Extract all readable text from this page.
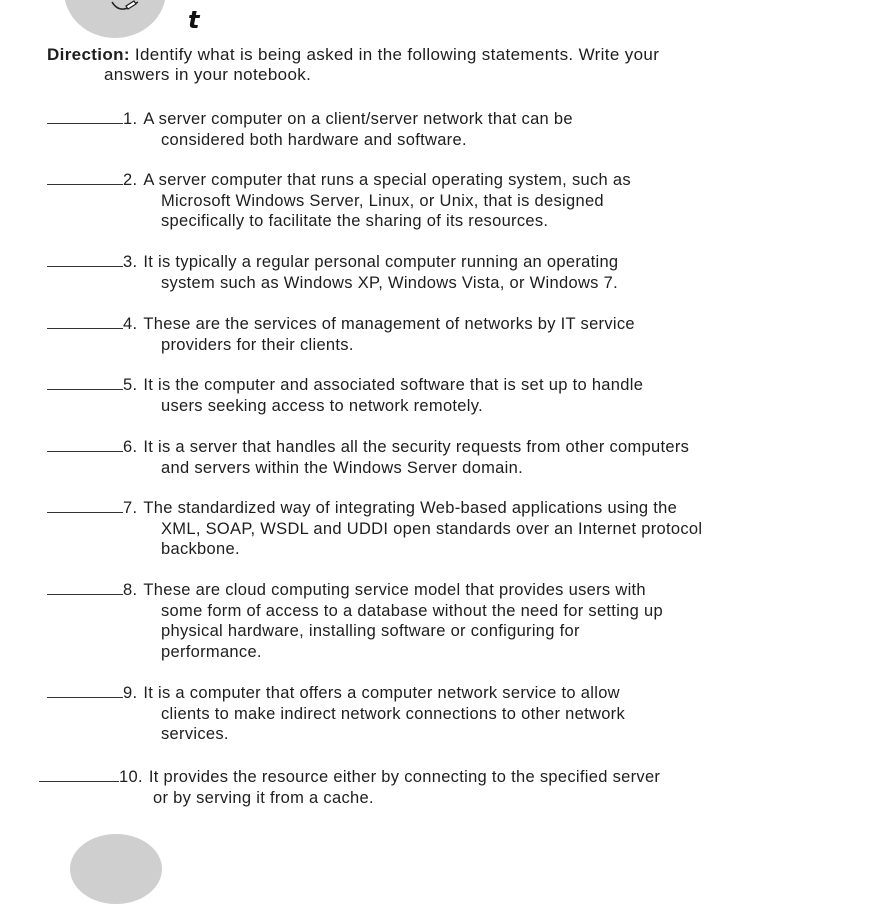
t
Direction: Identify what is being asked in the following statements. Write your
answers in your notebook.
1. A server computer on a client/server network that can be
considered both hardware and software.
2. A server computer that runs a special operating system, such as
Microsoft Windows Server, Linux, or Unix, that is designed
specifically to facilitate the sharing of its resources.
3. It is typically a regular personal computer running an operating
system such as Windows XP, Windows Vista, or Windows 7.
4. These are the services of management of networks by IT service
providers for their clients.
5. It is the computer and associated software that is set up to handle
users seeking access to network remotely.
6. It is a server that handles all the security requests from other computers
and servers within the Windows Server domain.
7. The standardized way of integrating Web-based applications using the
XML, SOAP, WSDL and UDDI open standards over an Internet protocol
backbone.
8. These are cloud computing service model that provides users with
some form of access to a database without the need for setting up
physical hardware, installing software or configuring for
performance.
9. It is a computer that offers a computer network service to allow
clients to make indirect network connections to other network
services.
10. It provides the resource either by connecting to the specified server
or by serving it from a cache.
